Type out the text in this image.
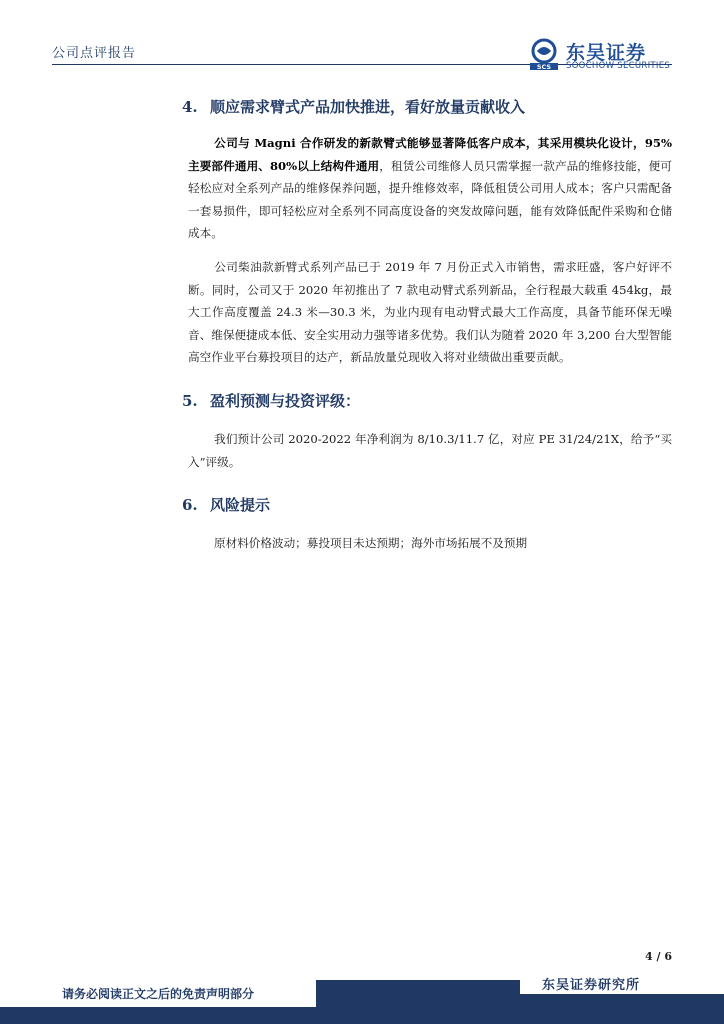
公司点评报告
SCS
东吴证券
SOOCHOW SECURITIES
4. 顺应需求臂式产品加快推进，看好放量贡献收入
公司与 Magni 合作研发的新款臂式能够显著降低客户成本，其采用模块化设计，95%主要部件通用、80%以上结构件通用，租赁公司维修人员只需掌握一款产品的维修技能，便可轻松应对全系列产品的维修保养问题，提升维修效率，降低租赁公司用人成本；客户只需配备一套易损件，即可轻松应对全系列不同高度设备的突发故障问题，能有效降低配件采购和仓储成本。
公司柴油款新臂式系列产品已于 2019 年 7 月份正式入市销售，需求旺盛，客户好评不断。同时，公司又于 2020 年初推出了 7 款电动臂式系列新品，全行程最大载重 454kg，最大工作高度覆盖 24.3 米—30.3 米，为业内现有电动臂式最大工作高度，具备节能环保无噪音、维保便捷成本低、安全实用动力强等诸多优势。我们认为随着 2020 年 3,200 台大型智能高空作业平台募投项目的达产，新品放量兑现收入将对业绩做出重要贡献。
5. 盈利预测与投资评级：
我们预计公司 2020-2022 年净利润为 8/10.3/11.7 亿，对应 PE 31/24/21X，给予“买入”评级。
6. 风险提示
原材料价格波动；募投项目未达预期；海外市场拓展不及预期
4 / 6
请务必阅读正文之后的免责声明部分
东吴证券研究所
